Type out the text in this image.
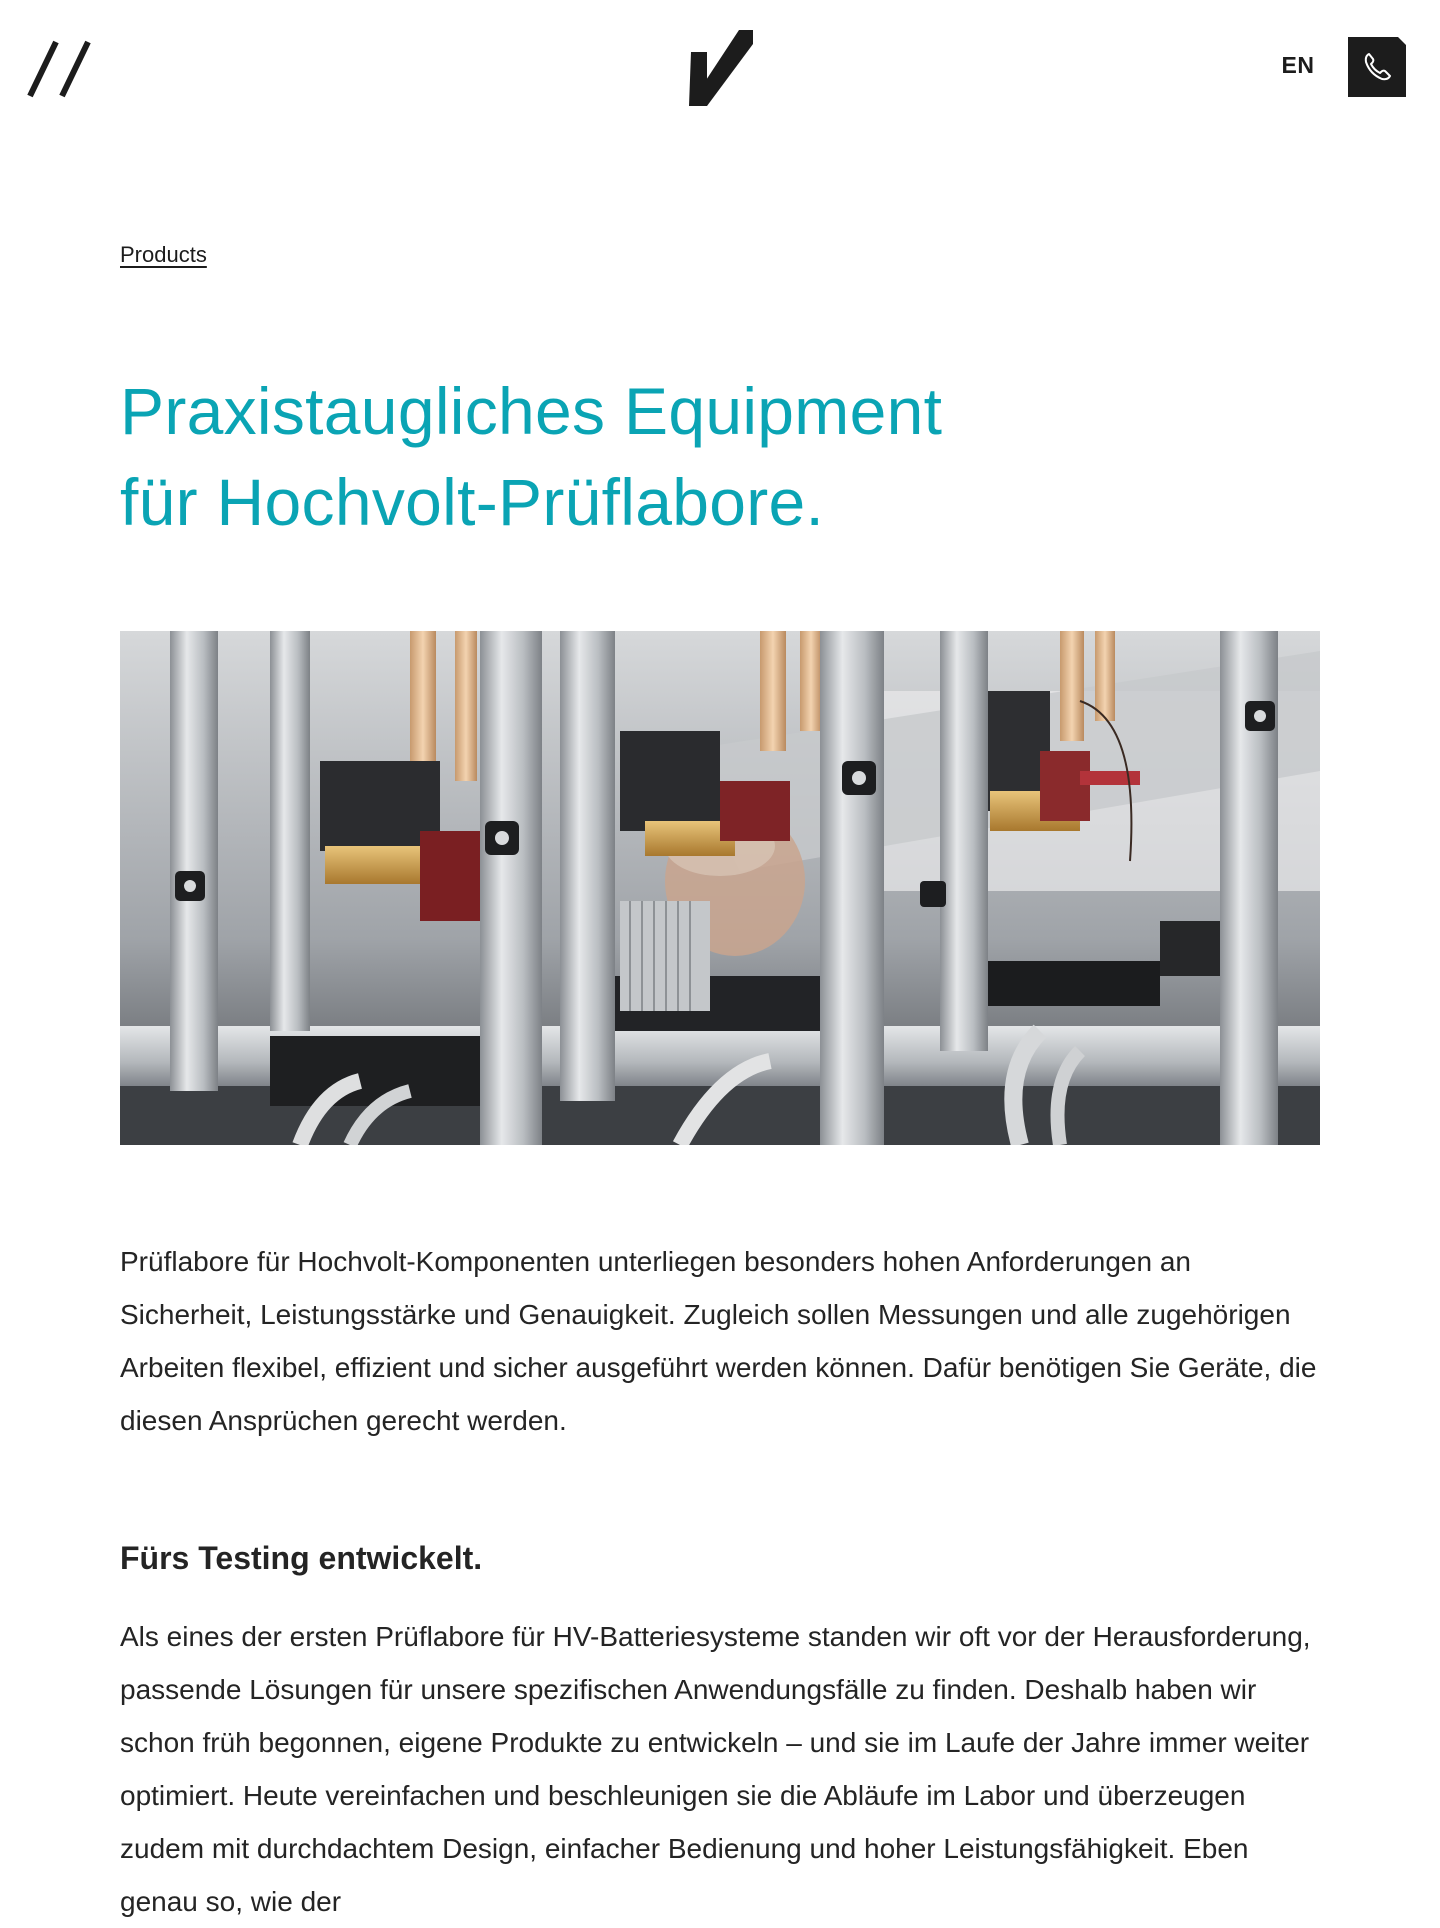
EN
Products
Praxistaugliches Equipment
für Hochvolt-Prüflabore.

Prüflabore für Hochvolt-Komponenten unterliegen besonders hohen Anforderungen an Sicherheit, Leistungsstärke und Genauigkeit. Zugleich sollen Messungen und alle zugehörigen Arbeiten flexibel, effizient und sicher ausgeführt werden können. Dafür benötigen Sie Geräte, die diesen Ansprüchen gerecht werden.

Fürs Testing entwickelt.

Als eines der ersten Prüflabore für HV-Batteriesysteme standen wir oft vor der Herausforderung, passende Lösungen für unsere spezifischen Anwendungsfälle zu finden. Deshalb haben wir schon früh begonnen, eigene Produkte zu entwickeln – und sie im Laufe der Jahre immer weiter optimiert. Heute vereinfachen und beschleunigen sie die Abläufe im Labor und überzeugen zudem mit durchdachtem Design, einfacher Bedienung und hoher Leistungsfähigkeit. Eben genau so, wie der
